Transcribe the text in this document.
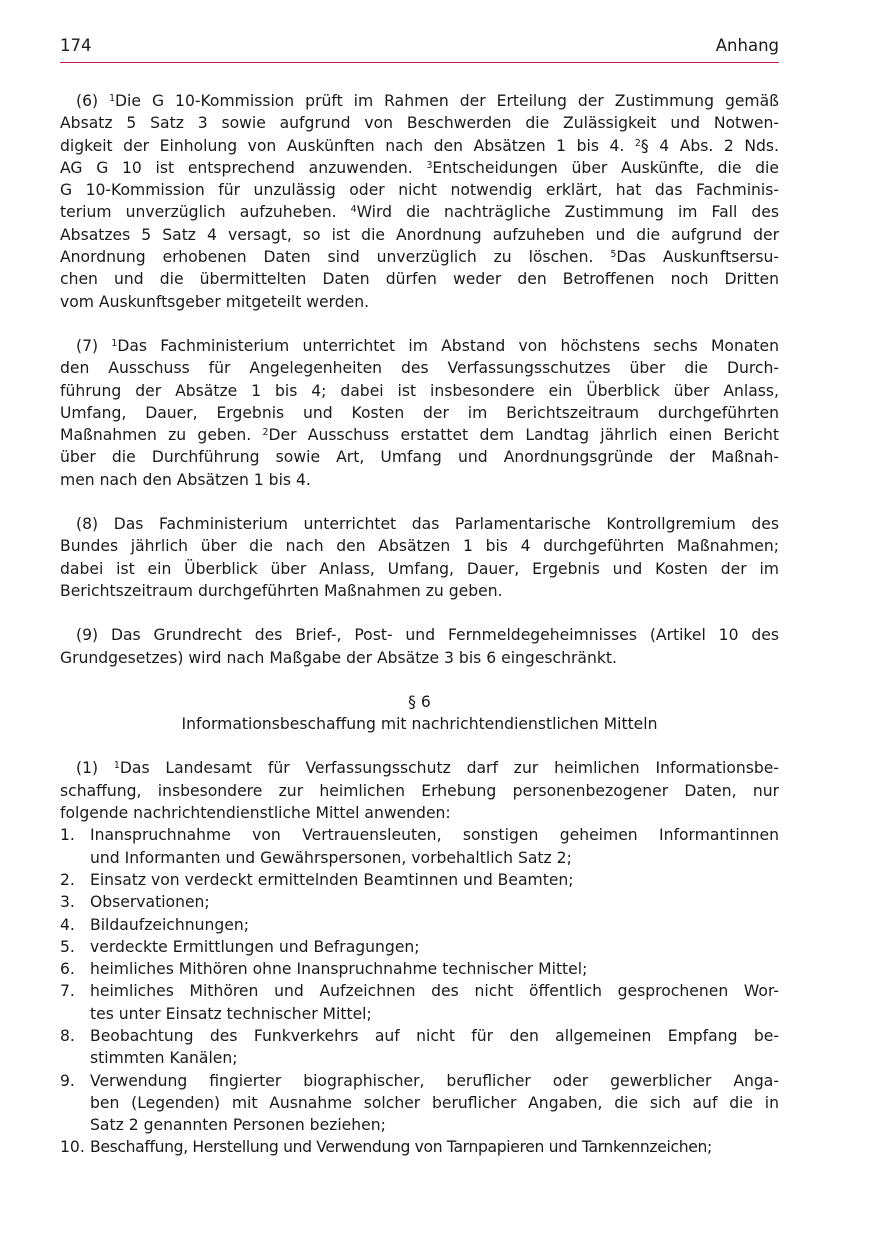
174	Anhang

(6) $^1$Die G 10-Kommission prüft im Rahmen der Erteilung der Zustimmung gemäß
Absatz 5 Satz 3 sowie aufgrund von Beschwerden die Zulässigkeit und Notwen-
digkeit der Einholung von Auskünften nach den Absätzen 1 bis 4. $^2$§ 4 Abs. 2 Nds.
AG G 10 ist entsprechend anzuwenden. $^3$Entscheidungen über Auskünfte, die die
G 10-Kommission für unzulässig oder nicht notwendig erklärt, hat das Fachminis-
terium unverzüglich aufzuheben. $^4$Wird die nachträgliche Zustimmung im Fall des
Absatzes 5 Satz 4 versagt, so ist die Anordnung aufzuheben und die aufgrund der
Anordnung erhobenen Daten sind unverzüglich zu löschen. $^5$Das Auskunftsersu-
chen und die übermittelten Daten dürfen weder den Betroffenen noch Dritten
vom Auskunftsgeber mitgeteilt werden.

(7) $^1$Das Fachministerium unterrichtet im Abstand von höchstens sechs Monaten
den Ausschuss für Angelegenheiten des Verfassungsschutzes über die Durch-
führung der Absätze 1 bis 4; dabei ist insbesondere ein Überblick über Anlass,
Umfang, Dauer, Ergebnis und Kosten der im Berichtszeitraum durchgeführten
Maßnahmen zu geben. $^2$Der Ausschuss erstattet dem Landtag jährlich einen Bericht
über die Durchführung sowie Art, Umfang und Anordnungsgründe der Maßnah-
men nach den Absätzen 1 bis 4.

(8) Das Fachministerium unterrichtet das Parlamentarische Kontrollgremium des
Bundes jährlich über die nach den Absätzen 1 bis 4 durchgeführten Maßnahmen;
dabei ist ein Überblick über Anlass, Umfang, Dauer, Ergebnis und Kosten der im
Berichtszeitraum durchgeführten Maßnahmen zu geben.

(9) Das Grundrecht des Brief-, Post- und Fernmeldegeheimnisses (Artikel 10 des
Grundgesetzes) wird nach Maßgabe der Absätze 3 bis 6 eingeschränkt.

§ 6
Informationsbeschaffung mit nachrichtendienstlichen Mitteln

(1) $^1$Das Landesamt für Verfassungsschutz darf zur heimlichen Informationsbe-
schaffung, insbesondere zur heimlichen Erhebung personenbezogener Daten, nur
folgende nachrichtendienstliche Mittel anwenden:

1. Inanspruchnahme von Vertrauensleuten, sonstigen geheimen Informantinnen
und Informanten und Gewährspersonen, vorbehaltlich Satz 2;
2. Einsatz von verdeckt ermittelnden Beamtinnen und Beamten;
3. Observationen;
4. Bildaufzeichnungen;
5. verdeckte Ermittlungen und Befragungen;
6. heimliches Mithören ohne Inanspruchnahme technischer Mittel;
7. heimliches Mithören und Aufzeichnen des nicht öffentlich gesprochenen Wor-
tes unter Einsatz technischer Mittel;
8. Beobachtung des Funkverkehrs auf nicht für den allgemeinen Empfang be-
stimmten Kanälen;
9. Verwendung fingierter biographischer, beruflicher oder gewerblicher Anga-
ben (Legenden) mit Ausnahme solcher beruflicher Angaben, die sich auf die in
Satz 2 genannten Personen beziehen;
10. Beschaffung, Herstellung und Verwendung von Tarnpapieren und Tarnkennzeichen;
